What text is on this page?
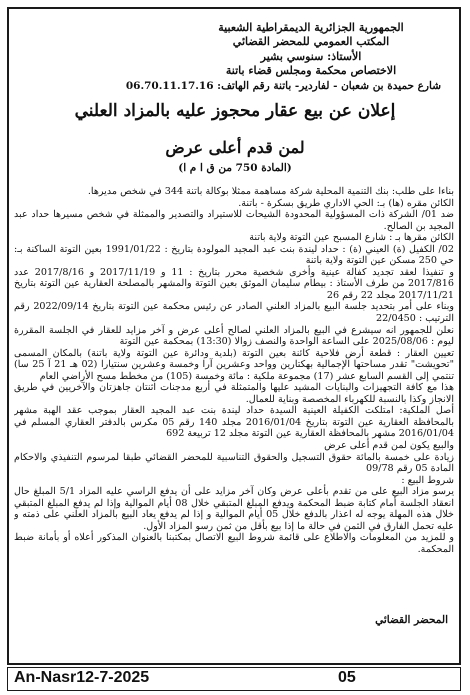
الجمهورية الجزائرية الديمقراطية الشعبية
المكتب العمومي للمحضر القضائي
الأستاذ: سنوسي بشير
الاختصاص محكمة ومجلس قضاء باتنة
شارع حميدة بن شعبان - لفاردير- باتنة رقم الهاتف: 06.70.11.17.16
إعلان عن بيع عقار محجوز عليه بالمزاد العلني
لمن قدم أعلى عرض
(المادة 750 من ق ا م ا)

بناءا على طلب: بنك التنمية المحلية شركة مساهمة ممثلا بوكالة باتنة 344 في شخص مديرها.

الكائن مقره (ها) بـ: الحي الاداري طريق بسكرة - باتنة.

ضد 01/ الشركة ذات المسؤولية المحدودة الشيحات للاستيراد والتصدير والممثلة في شخص مسيرها حداد عبد المجيد بن الصالح.

الكائن مقرها بـ : شارع المسبح عين التوتة ولاية باتنة

02/ الكفيل (ة) العيني (ة) : حداد ليندة بنت عبد المجيد المولودة بتاريخ : 1991/01/22 بعين التوتة الساكنة بـ: حي 250 مسكن عين التوتة ولاية باتنة

و تنفيذا لعقد تجديد كفالة عينية وأخرى شخصية محرر بتاريخ : 11 و 2017/11/19 و 2017/8/16 عدد 2017/816 من طرف الأستاذ : بيطام سليمان الموثق بعين التوتة والمشهر بالمصلحة العقارية عين التوتة بتاريخ 2017/11/21 مجلد 22 رقم 26

وبناء على أمر بتحديد جلسة البيع بالمزاد العلني الصادر عن رئيس محكمة عين التوتة بتاريخ 2022/09/14 رقم الترتيب : 22/0450

نعلن للجمهور انه سيشرع في البيع بالمزاد العلني لصالح أعلى عرض و آخر مزايد للعقار في الجلسة المقررة ليوم : 2025/08/06 على الساعة الواحدة والنصف زوالا (13:30) بمحكمة عين التوتة

تعيين العقار : قطعة أرض فلاحية كائنة بعين التوتة (بلدية ودائرة عين التوتة ولاية باتنة) بالمكان المسمى "تحويشت" تقدر مساحتها الإجمالية بهكتارين وواحد وعشرين آرا وخمسة وعشرين سنتيارا (02 هـ 21 آ 25 سا) تنتمي إلى القسم السابع عشر (17) مجموعة ملكية : مائة وخمسة (105) من مخطط مسح الأراضي العام

هذا مع كافة التجهيزات والبنايات المشيد عليها والمتمثلة في أربع مدجنات اثنتان جاهزتان والآخريين في طريق الانجاز وكذا بالنسبة للكهرباء المخصصة وبناية للعمال.

أصل الملكية: امتلكت الكفيلة العينية السيدة حداد ليندة بنت عبد المجيد العقار بموجب عقد الهبة مشهر بالمحافظة العقارية عين التوتة بتاريخ 2016/01/04 مجلد 140 رقم 05 مكرس بالدفتر العقاري المسلم في 2016/01/04 مشهر بالمحافظة العقارية عين التوتة مجلد 12 تربيعة 692

والبيع يكون لمن قدم أعلى عرض

زيادة على خمسة بالمائة حقوق التسجيل والحقوق التناسبية للمحضر القضائي طبقا لمرسوم التنفيذي والاحكام المادة 05 رقم 09/78

شروط البيع :

يرسو مزاد البيع على من تقدم بأعلى عرض وكان آخر مزايد على أن يدفع الراسي عليه المزاد 5/1 المبلغ حال انعقاد الجلسة أمام كتابة ضبط المحكمة ويدفع المبلغ المتبقي خلال 08 أيام الموالية وإذا لم يدفع المبلغ المتبقي خلال هذه المهلة يوجه له اعذار بالدفع خلال 05 أيام الموالية و إذا لم يدفع يعاد البيع بالمزاد العلني على ذمته و عليه تحمل الفارق في الثمن في حالة ما إذا بيع بأقل من ثمن رسو المزاد الأول.

و للمزيد من المعلومات والاطلاع على قائمة شروط البيع الاتصال بمكتبنا بالعنوان المذكور أعلاه أو بأمانة ضبط المحكمة.

المحضر القضائي
An-Nasr12-7-2025	05
